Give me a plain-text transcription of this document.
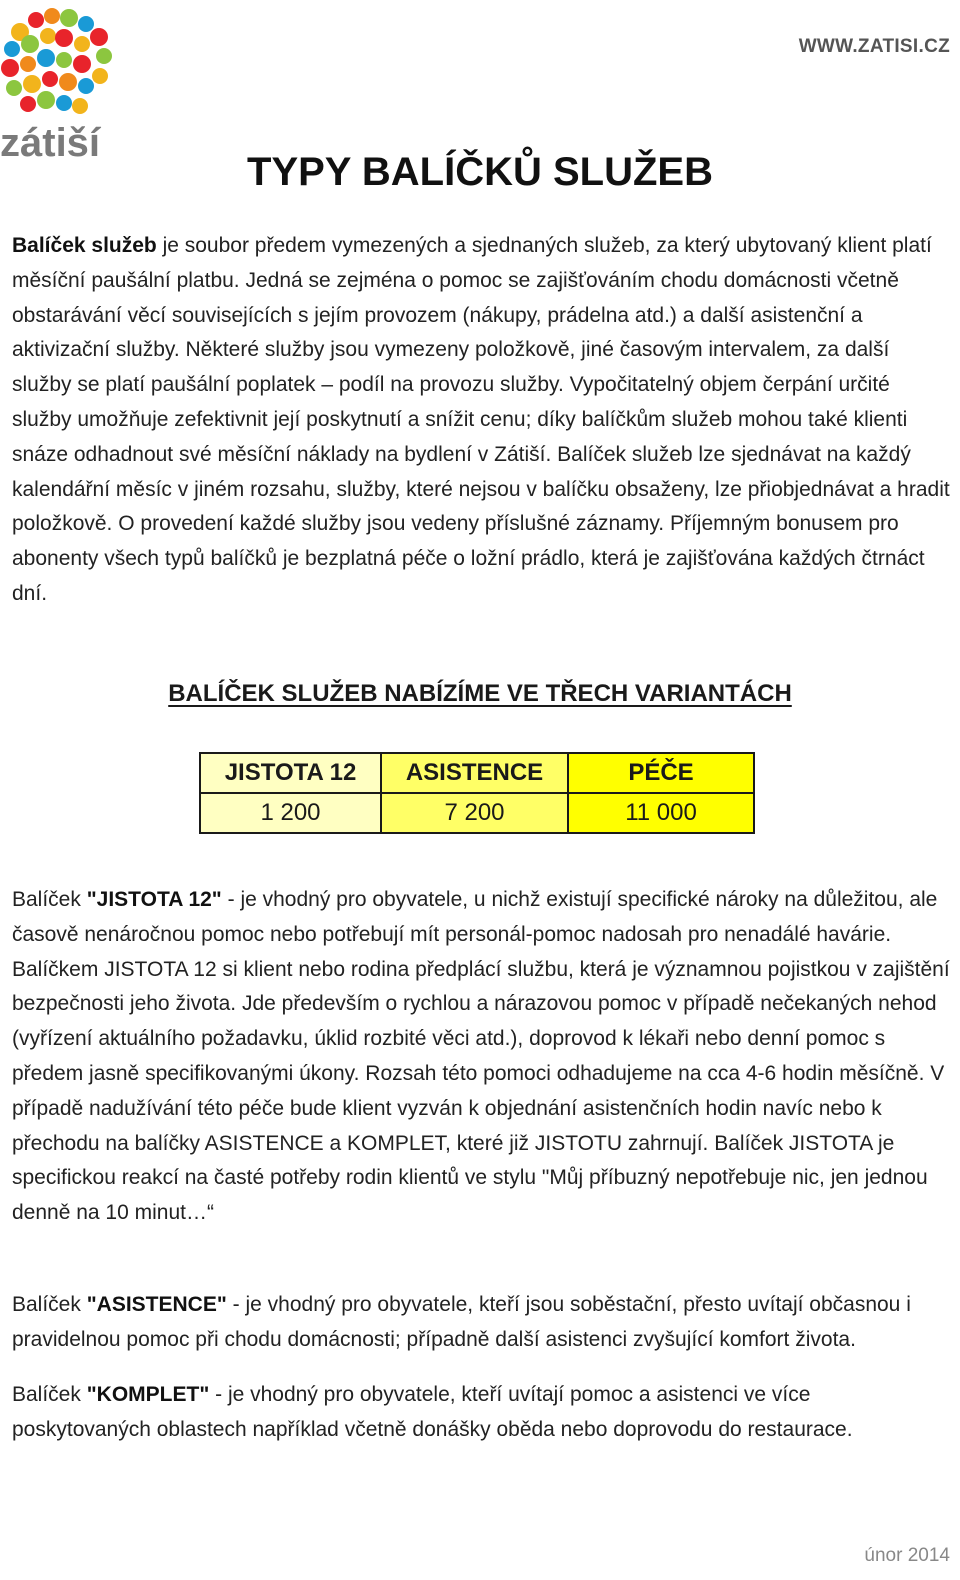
zátiší
WWW.ZATISI.CZ
TYPY BALÍČKŮ SLUŽEB

Balíček služeb je soubor předem vymezených a sjednaných služeb, za který ubytovaný klient platí měsíční paušální platbu. Jedná se zejména o pomoc se zajišťováním chodu domácnosti včetně obstarávání věcí souvisejících s jejím provozem (nákupy, prádelna atd.) a další asistenční a aktivizační služby. Některé služby jsou vymezeny položkově, jiné časovým intervalem, za další služby se platí paušální poplatek – podíl na provozu služby. Vypočitatelný objem čerpání určité služby umožňuje zefektivnit její poskytnutí a snížit cenu; díky balíčkům služeb mohou také klienti snáze odhadnout své měsíční náklady na bydlení v Zátiší. Balíček služeb lze sjednávat na každý kalendářní měsíc v jiném rozsahu, služby, které nejsou v balíčku obsaženy, lze přiobjednávat a hradit položkově. O provedení každé služby jsou vedeny příslušné záznamy. Příjemným bonusem pro abonenty všech typů balíčků je bezplatná péče o ložní prádlo, která je zajišťována každých čtrnáct dní.

BALÍČEK SLUŽEB NABÍZÍME VE TŘECH VARIANTÁCH
JISTOTA 12	ASISTENCE	PÉČE
1 200	7 200	11 000

Balíček "JISTOTA 12" - je vhodný pro obyvatele, u nichž existují specifické nároky na důležitou, ale časově nenáročnou pomoc nebo potřebují mít personál-pomoc nadosah pro nenadálé havárie. Balíčkem JISTOTA 12 si klient nebo rodina předplácí službu, která je významnou pojistkou v zajištění bezpečnosti jeho života. Jde především o rychlou a nárazovou pomoc v případě nečekaných nehod (vyřízení aktuálního požadavku, úklid rozbité věci atd.), doprovod k lékaři nebo denní pomoc s předem jasně specifikovanými úkony. Rozsah této pomoci odhadujeme na cca 4-6 hodin měsíčně. V případě nadužívání této péče bude klient vyzván k objednání asistenčních hodin navíc nebo k přechodu na balíčky ASISTENCE a KOMPLET, které již JISTOTU zahrnují. Balíček JISTOTA je specifickou reakcí na časté potřeby rodin klientů ve stylu "Můj příbuzný nepotřebuje nic, jen jednou denně na 10 minut…“

Balíček "ASISTENCE" - je vhodný pro obyvatele, kteří jsou soběstační, přesto uvítají občasnou i pravidelnou pomoc při chodu domácnosti; případně další asistenci zvyšující komfort života.

Balíček "KOMPLET" - je vhodný pro obyvatele, kteří uvítají pomoc a asistenci ve více poskytovaných oblastech například včetně donášky oběda nebo doprovodu do restaurace.

únor 2014
